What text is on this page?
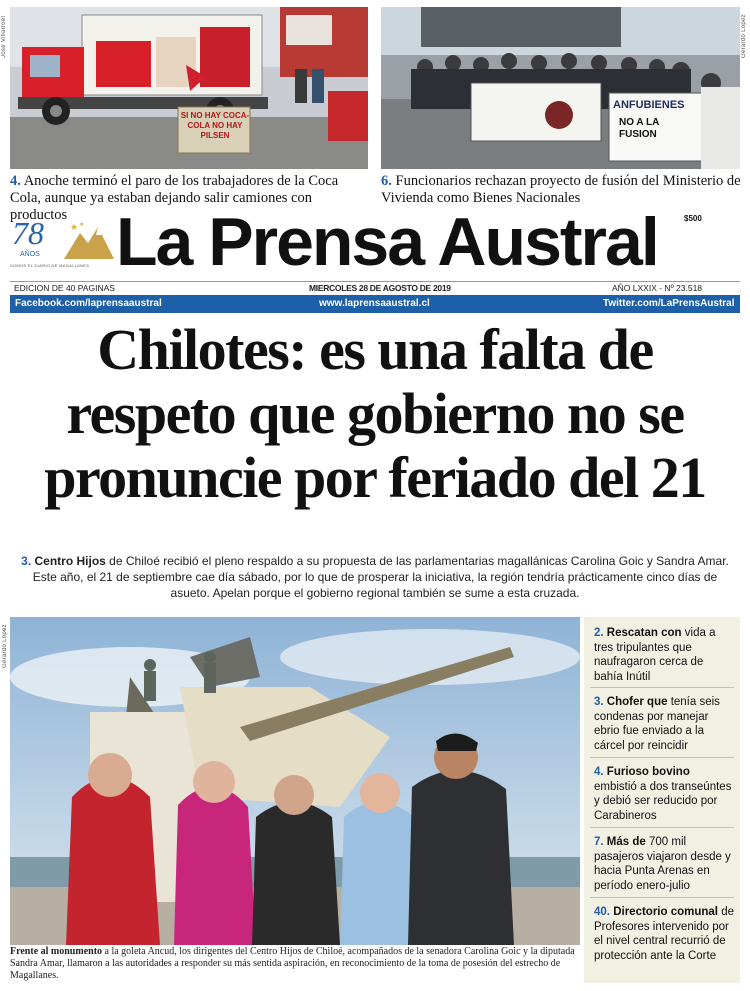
José Villarroel
SI NO HAY COCA-COLA NO HAY PILSEN
Gerardo López
ANFUBIENES
NO A LA FUSION
4. Anoche terminó el paro de los trabajadores de la Coca Cola, aunque ya estaban dejando salir camiones con productos
6. Funcionarios rechazan proyecto de fusión del Ministerio de Vivienda como Bienes Nacionales
78
AÑOS
★ ★
SOMOS EL DIARIO DE MAGALLANES La Prensa Austral	$500
EDICION DE 40 PAGINAS	MIERCOLES 28 DE AGOSTO DE 2019	AÑO LXXIX - Nº 23.518
Facebook.com/laprensaaustral	www.laprensaaustral.cl	Twitter.com/LaPrensAustral
Chilotes: es una falta de
respeto que gobierno no se
pronuncie por feriado del 21
3. Centro Hijos de Chiloé recibió el pleno respaldo a su propuesta de las parlamentarias magallánicas Carolina Goic y Sandra Amar. Este año, el 21 de septiembre cae día sábado, por lo que de prosperar la iniciativa, la región tendría prácticamente cinco días de asueto. Apelan porque el gobierno regional también se sume a esta cruzada.
Gerardo López
Frente al monumento a la goleta Ancud, los dirigentes del Centro Hijos de Chiloé, acompañados de la senadora Carolina Goic y la diputada Sandra Amar, llamaron a las autoridades a responder su más sentida aspiración, en reconocimiento de la toma de posesión del estrecho de Magallanes.
2. Rescatan con vida a tres tripulantes que naufragaron cerca de bahía Inútil
3. Chofer que tenía seis condenas por manejar ebrio fue enviado a la cárcel por reincidir
4. Furioso bovino embistió a dos transeúntes y debió ser reducido por Carabineros
7. Más de 700 mil pasajeros viajaron desde y hacia Punta Arenas en período enero-julio
40. Directorio comunal de Profesores intervenido por el nivel central recurrió de protección ante la Corte
